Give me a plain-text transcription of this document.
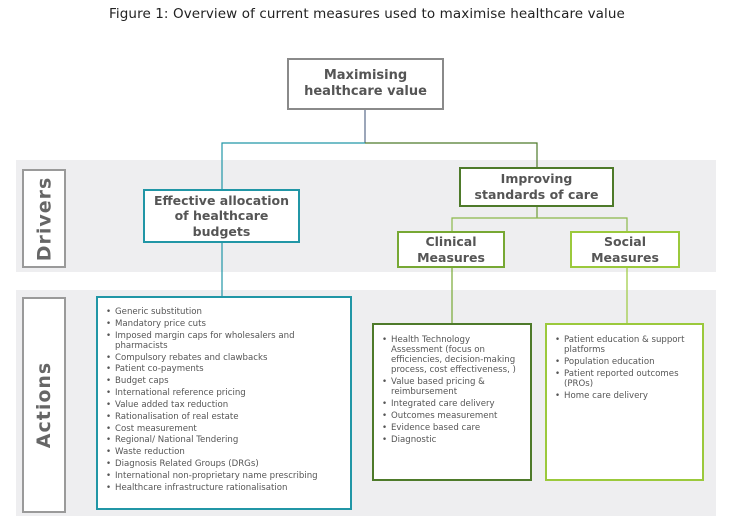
Figure 1: Overview of current measures used to maximise healthcare value
Drivers
Actions
Maximising
healthcare value
Effective allocation
of healthcare
budgets
Improving
standards of care
Clinical
Measures
Social
Measures
• Generic substitution
• Mandatory price cuts
• Imposed margin caps for wholesalers and pharmacists
• Compulsory rebates and clawbacks
• Patient co-payments
• Budget caps
• International reference pricing
• Value added tax reduction
• Rationalisation of real estate
• Cost measurement
• Regional/ National Tendering
• Waste reduction
• Diagnosis Related Groups (DRGs)
• International non-proprietary name prescribing
• Healthcare infrastructure rationalisation
• Health Technology Assessment (focus on efficiencies, decision-making process, cost effectiveness, )
• Value based pricing & reimbursement
• Integrated care delivery
• Outcomes measurement
• Evidence based care
• Diagnostic
• Patient education & support platforms
• Population education
• Patient reported outcomes (PROs)
• Home care delivery
